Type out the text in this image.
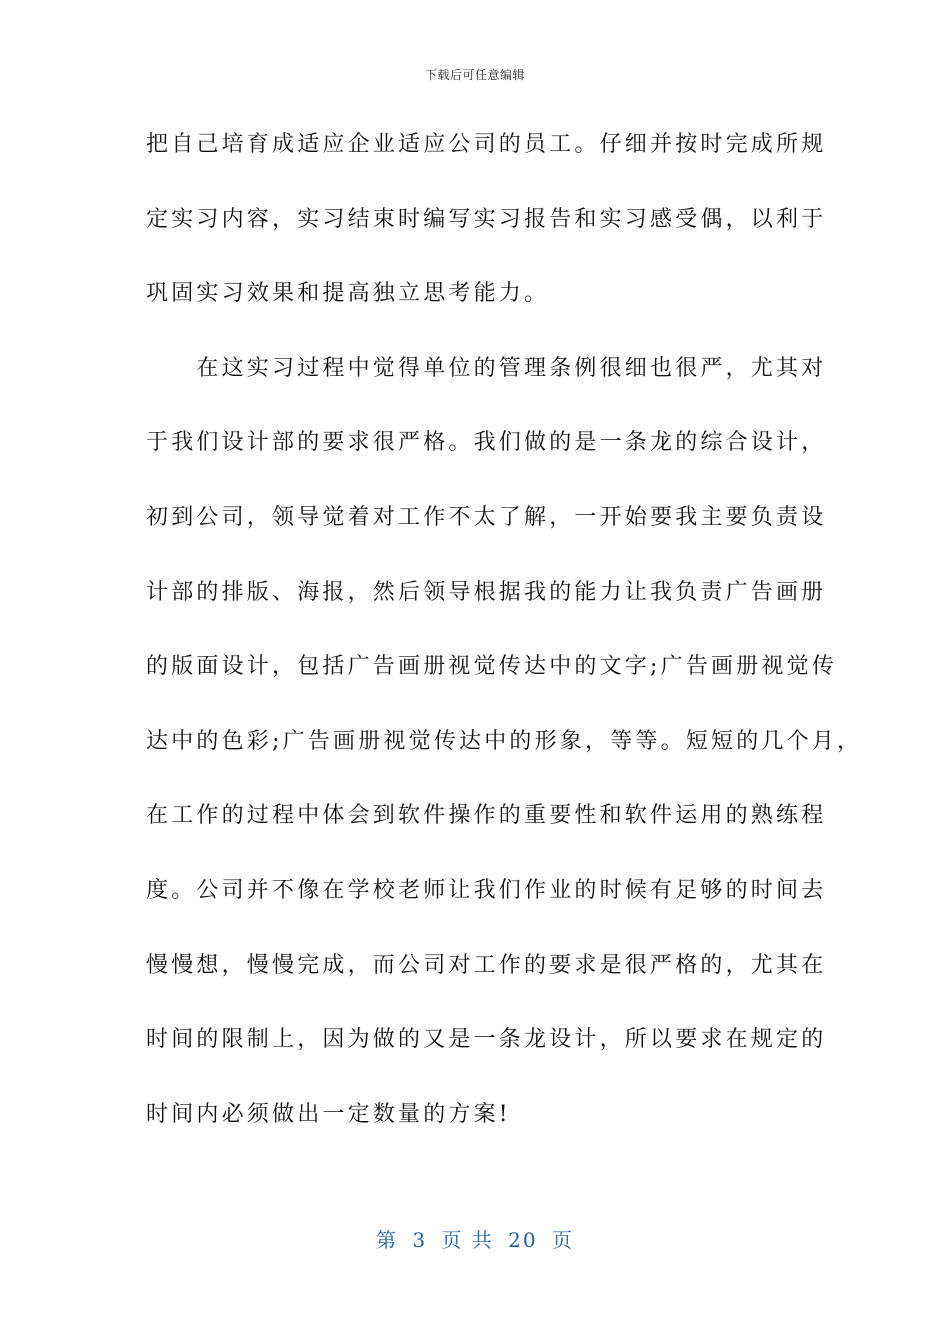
下载后可任意编辑
把自己培育成适应企业适应公司的员工。仔细并按时完成所规
定实习内容，实习结束时编写实习报告和实习感受偶，以利于
巩固实习效果和提高独立思考能力。
　　在这实习过程中觉得单位的管理条例很细也很严，尤其对
于我们设计部的要求很严格。我们做的是一条龙的综合设计，
初到公司，领导觉着对工作不太了解，一开始要我主要负责设
计部的排版、海报，然后领导根据我的能力让我负责广告画册
的版面设计，包括广告画册视觉传达中的文字;广告画册视觉传
达中的色彩;广告画册视觉传达中的形象，等等。短短的几个月，
在工作的过程中体会到软件操作的重要性和软件运用的熟练程
度。公司并不像在学校老师让我们作业的时候有足够的时间去
慢慢想，慢慢完成，而公司对工作的要求是很严格的，尤其在
时间的限制上，因为做的又是一条龙设计，所以要求在规定的
时间内必须做出一定数量的方案!
第 3 页 共 20 页
